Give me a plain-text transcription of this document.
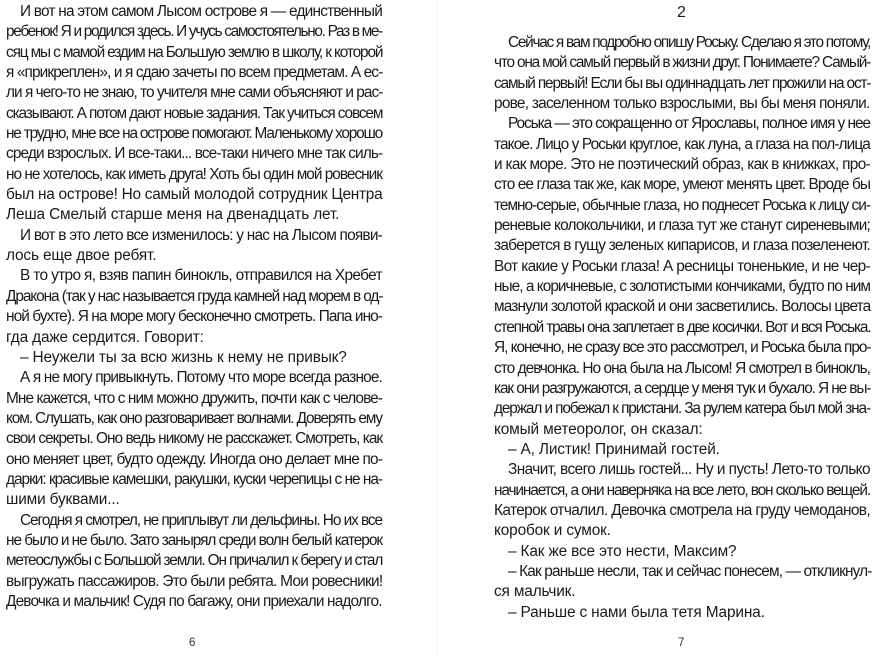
И вот на этом самом Лысом острове я — единственный
ребенок! Я и родился здесь. И учусь самостоятельно. Раз в ме-
сяц мы с мамой ездим на Большую землю в школу, к которой
я «прикреплен», и я сдаю зачеты по всем предметам. А ес-
ли я чего-то не знаю, то учителя мне сами объясняют и рас-
сказывают. А потом дают новые задания. Так учиться совсем
не трудно, мне все на острове помогают. Маленькому хорошо
среди взрослых. И все-таки... все-таки ничего мне так силь-
но не хотелось, как иметь друга! Хоть бы один мой ровесник
был на острове! Но самый молодой сотрудник Центра
Леша Смелый старше меня на двенадцать лет.
И вот в это лето все изменилось: у нас на Лысом появи-
лось еще двое ребят.
В то утро я, взяв папин бинокль, отправился на Хребет
Дракона (так у нас называется груда камней над морем в од-
ной бухте). Я на море могу бесконечно смотреть. Папа ино-
гда даже сердится. Говорит:
– Неужели ты за всю жизнь к нему не привык?
А я не могу привыкнуть. Потому что море всегда разное.
Мне кажется, что с ним можно дружить, почти как с челове-
ком. Слушать, как оно разговаривает волнами. Доверять ему
свои секреты. Оно ведь никому не расскажет. Смотреть, как
оно меняет цвет, будто одежду. Иногда оно делает мне по-
дарки: красивые камешки, ракушки, куски черепицы с не на-
шими буквами...
Сегодня я смотрел, не приплывут ли дельфины. Но их все
не было и не было. Зато занырял среди волн белый катерок
метеослужбы с Большой земли. Он причалил к берегу и стал
выгружать пассажиров. Это были ребята. Мои ровесники!
Девочка и мальчик! Судя по багажу, они приехали надолго.
6
2
Сейчас я вам подробно опишу Роську. Сделаю я это потому,
что она мой самый первый в жизни друг. Понимаете? Самый-
самый первый! Если бы вы одиннадцать лет прожили на ост-
рове, заселенном только взрослыми, вы бы меня поняли.
Роська — это сокращенно от Ярославы, полное имя у нее
такое. Лицо у Роськи круглое, как луна, а глаза на пол-лица
и как море. Это не поэтический образ, как в книжках, про-
сто ее глаза так же, как море, умеют менять цвет. Вроде бы
темно-серые, обычные глаза, но поднесет Роська к лицу си-
реневые колокольчики, и глаза тут же станут сиреневыми;
заберется в гущу зеленых кипарисов, и глаза позеленеют.
Вот какие у Роськи глаза! А ресницы тоненькие, и не чер-
ные, а коричневые, с золотистыми кончиками, будто по ним
мазнули золотой краской и они засветились. Волосы цвета
степной травы она заплетает в две косички. Вот и вся Роська.
Я, конечно, не сразу все это рассмотрел, и Роська была про-
сто девчонка. Но она была на Лысом! Я смотрел в бинокль,
как они разгружаются, а сердце у меня тук и бухало. Я не вы-
держал и побежал к пристани. За рулем катера был мой зна-
комый метеоролог, он сказал:
– А, Листик! Принимай гостей.
Значит, всего лишь гостей... Ну и пусть! Лето-то только
начинается, а они наверняка на все лето, вон сколько вещей.
Катерок отчалил. Девочка смотрела на груду чемоданов,
коробок и сумок.
– Как же все это нести, Максим?
– Как раньше несли, так и сейчас понесем, — откликнул-
ся мальчик.
– Раньше с нами была тетя Марина.
7
